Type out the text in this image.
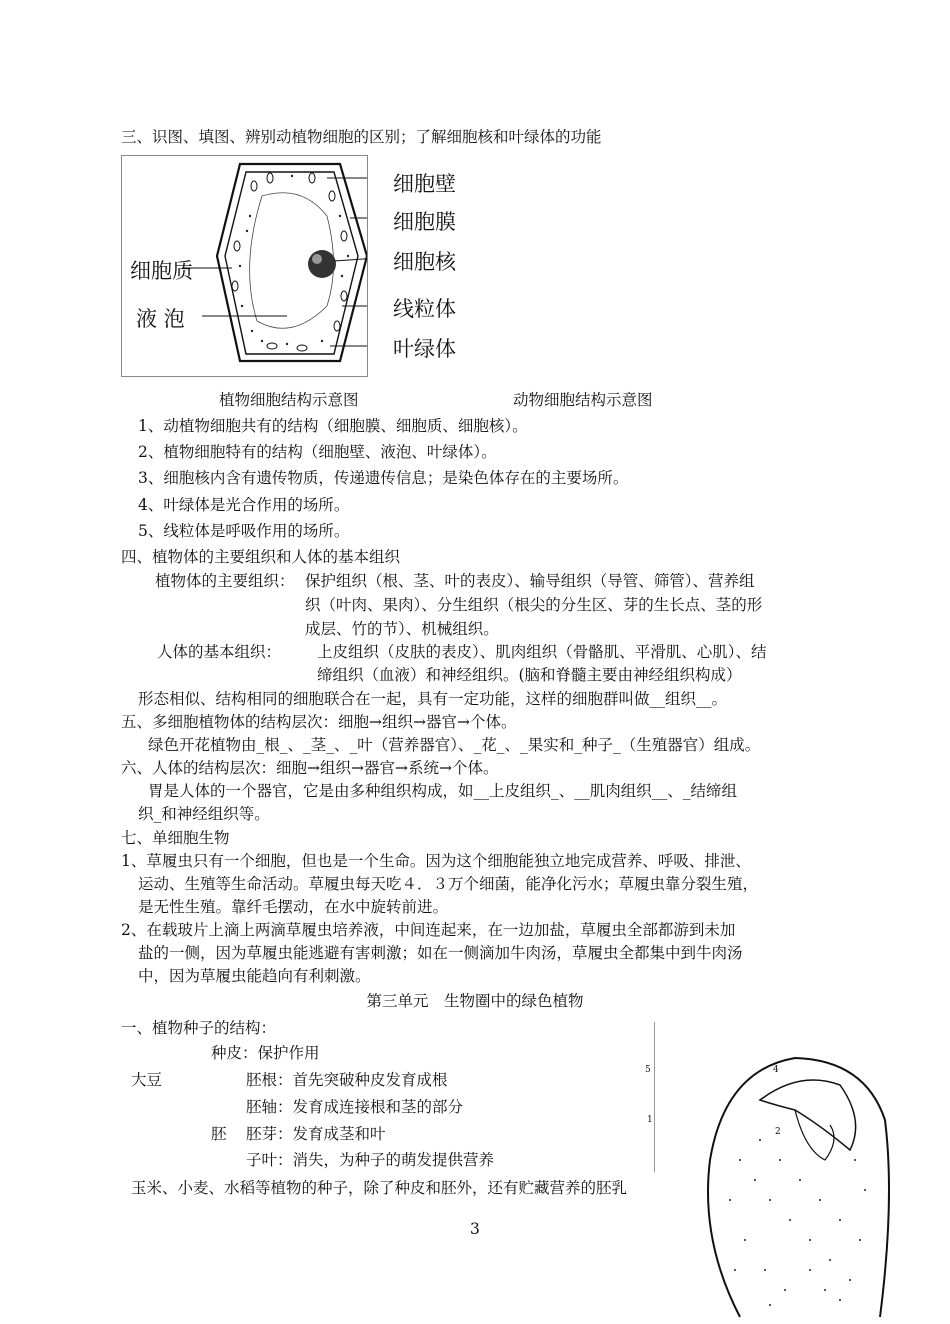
三、识图、填图、辨别动植物细胞的区别；了解细胞核和叶绿体的功能
细胞壁
细胞膜
细胞核
线粒体
叶绿体
细胞质
液 泡
植物细胞结构示意图	动物细胞结构示意图
1、动植物细胞共有的结构（细胞膜、细胞质、细胞核）。
2、植物细胞特有的结构（细胞壁、液泡、叶绿体）。
3、细胞核内含有遗传物质，传递遗传信息；是染色体存在的主要场所。
4、叶绿体是光合作用的场所。
5、线粒体是呼吸作用的场所。
四、植物体的主要组织和人体的基本组织
植物体的主要组织： 保护组织（根、茎、叶的表皮）、输导组织（导管、筛管）、营养组
织（叶肉、果肉）、分生组织（根尖的分生区、芽的生长点、茎的形
成层、竹的节）、机械组织。
人体的基本组织： 上皮组织（皮肤的表皮）、肌肉组织（骨骼肌、平滑肌、心肌）、结
缔组织（血液）和神经组织。(脑和脊髓主要由神经组织构成）
形态相似、结构相同的细胞联合在一起，具有一定功能，这样的细胞群叫做__组织__。
五、多细胞植物体的结构层次：细胞→组织→器官→个体。
绿色开花植物由_根_、_茎_、_叶（营养器官）、_花_、_果实和_种子_（生殖器官）组成。
六、人体的结构层次：细胞→组织→器官→系统→个体。
胃是人体的一个器官，它是由多种组织构成，如__上皮组织_、__肌肉组织__、_结缔组
织_和神经组织等。
七、单细胞生物
1、草履虫只有一个细胞，但也是一个生命。因为这个细胞能独立地完成营养、呼吸、排泄、
运动、生殖等生命活动。草履虫每天吃４．３万个细菌，能净化污水；草履虫靠分裂生殖，
是无性生殖。靠纤毛摆动，在水中旋转前进。
2、在载玻片上滴上两滴草履虫培养液，中间连起来，在一边加盐，草履虫全部都游到未加
盐的一侧，因为草履虫能逃避有害刺激；如在一侧滴加牛肉汤，草履虫全都集中到牛肉汤
中，因为草履虫能趋向有利刺激。
第三单元　生物圈中的绿色植物
一、植物种子的结构：
种皮：保护作用
大豆	胚根：首先突破种皮发育成根
胚轴：发育成连接根和茎的部分
胚 胚芽：发育成茎和叶
子叶：消失，为种子的萌发提供营养
玉米、小麦、水稻等植物的种子，除了种皮和胚外，还有贮藏营养的胚乳
5
1
4
2
3
